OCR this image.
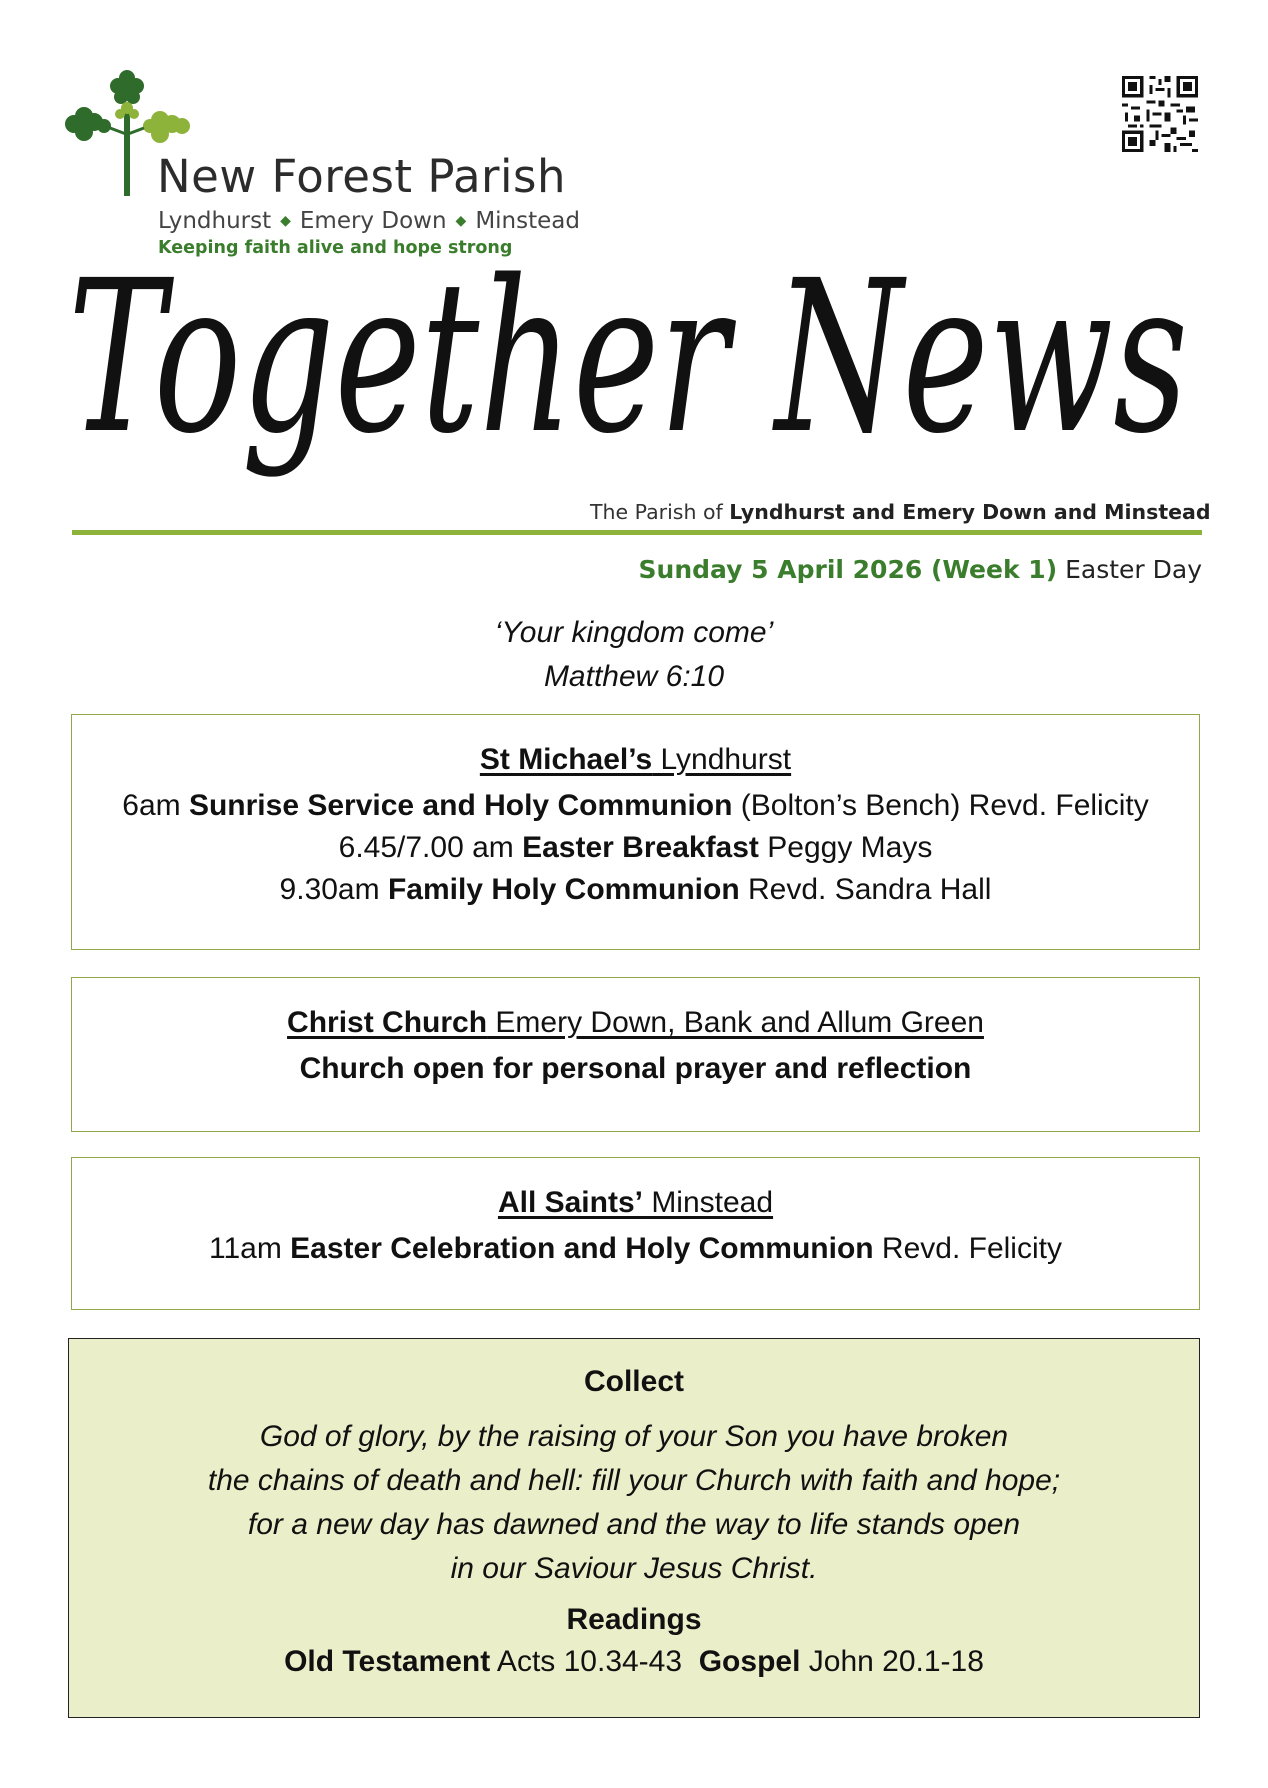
New Forest Parish
Lyndhurst ◆ Emery Down ◆ Minstead
Keeping faith alive and hope strong
Together News
The Parish of Lyndhurst and Emery Down and Minstead
Sunday 5 April 2026 (Week 1) Easter Day
‘Your kingdom come’
Matthew 6:10
St Michael’s Lyndhurst
6am Sunrise Service and Holy Communion (Bolton’s Bench) Revd. Felicity
6.45/7.00 am Easter Breakfast Peggy Mays
9.30am Family Holy Communion Revd. Sandra Hall
Christ Church Emery Down, Bank and Allum Green
Church open for personal prayer and reflection
All Saints’ Minstead
11am Easter Celebration and Holy Communion Revd. Felicity
Collect
God of glory, by the raising of your Son you have broken
the chains of death and hell: fill your Church with faith and hope;
for a new day has dawned and the way to life stands open
in our Saviour Jesus Christ.
Readings
Old Testament Acts 10.34-43  Gospel John 20.1-18
